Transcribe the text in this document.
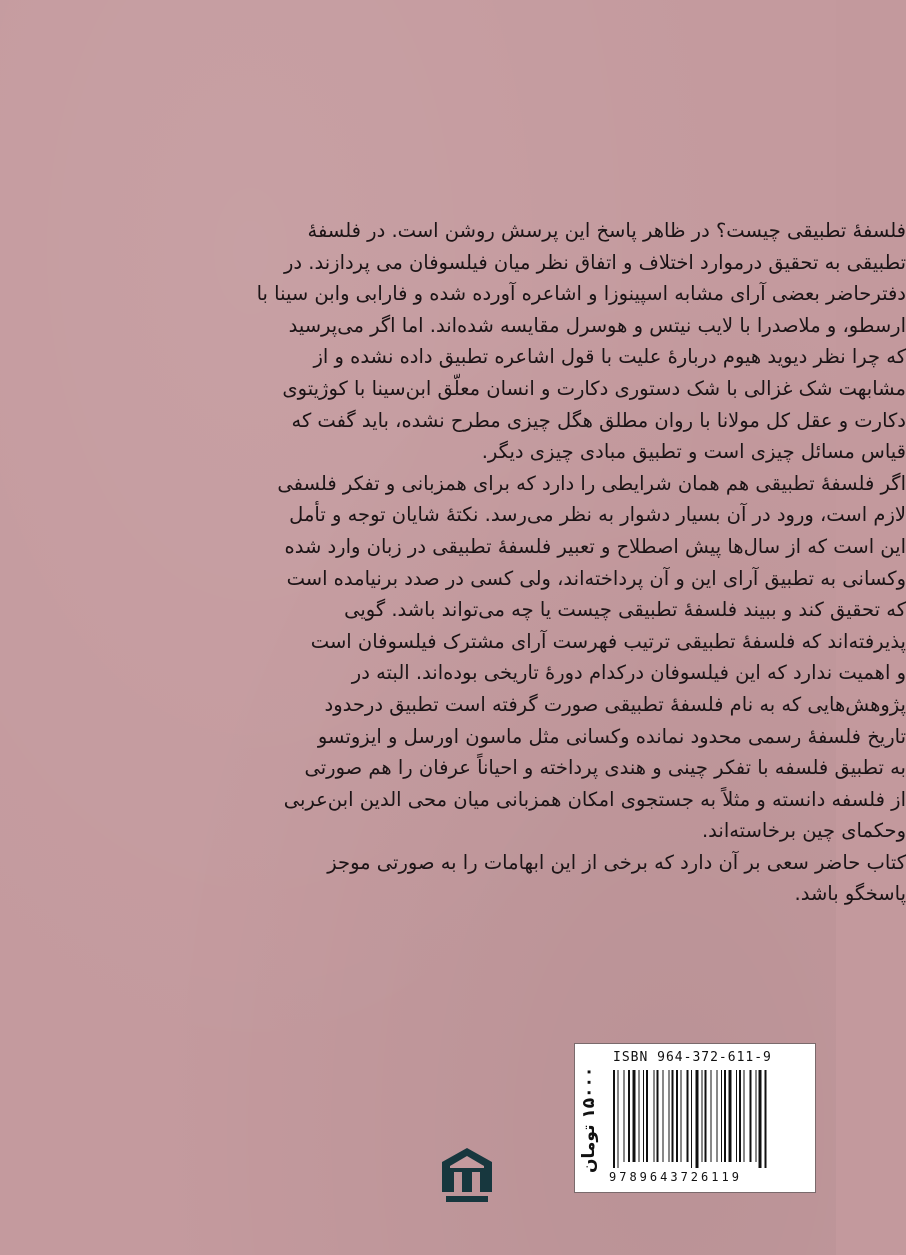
فلسفهٔ تطبیقی چیست؟ در ظاهر پاسخ این پرسش روشن است. در فلسفهٔ
تطبیقی به تحقیق درموارد اختلاف و اتفاق نظر میان فیلسوفان می پردازند. در
دفترحاضر بعضی آرای مشابه اسپینوزا و اشاعره آورده شده و فارابی وابن سینا با
ارسطو، و ملاصدرا با لایب نیتس و هوسرل مقایسه شده‌اند. اما اگر می‌پرسید
که چرا نظر دیوید هیوم دربارهٔ علیت با قول اشاعره تطبیق داده نشده و از
مشابهت شک غزالی با شک دستوری دکارت و انسان معلّق ابن‌سینا با کوژیتوی
دکارت و عقل کل مولانا با روان مطلق هگل چیزی مطرح نشده، باید گفت که
قیاس مسائل چیزی است و تطبیق مبادی چیزی دیگر.

اگر فلسفهٔ تطبیقی هم همان شرایطی را دارد که برای همزبانی و تفکر فلسفی
لازم است، ورود در آن بسیار دشوار به نظر می‌رسد. نکتهٔ شایان توجه و تأمل
این است که از سال‌ها پیش اصطلاح و تعبیر فلسفهٔ تطبیقی در زبان وارد شده
وکسانی به تطبیق آرای این و آن پرداخته‌اند، ولی کسی در صدد برنیامده است
که تحقیق کند و ببیند فلسفهٔ تطبیقی چیست یا چه می‌تواند باشد. گویی
پذیرفته‌اند که فلسفهٔ تطبیقی ترتیب فهرست آرای مشترک فیلسوفان است
و اهمیت ندارد که این فیلسوفان درکدام دورهٔ تاریخی بوده‌اند. البته در
پژوهش‌هایی که به نام فلسفهٔ تطبیقی صورت گرفته است تطبیق درحدود
تاریخ فلسفهٔ رسمی محدود نمانده وکسانی مثل ماسون اورسل و ایزوتسو
به تطبیق فلسفه با تفکر چینی و هندی پرداخته و احیاناً عرفان را هم صورتی
از فلسفه دانسته و مثلاً به جستجوی امکان همزبانی میان محی الدین ابن‌عربی
وحکمای چین برخاسته‌اند.

کتاب حاضر سعی بر آن دارد که برخی از این ابهامات را به صورتی موجز
پاسخگو باشد.

ISBN 964-372-611-9
9789643726119
۱۵۰۰۰ تومان
